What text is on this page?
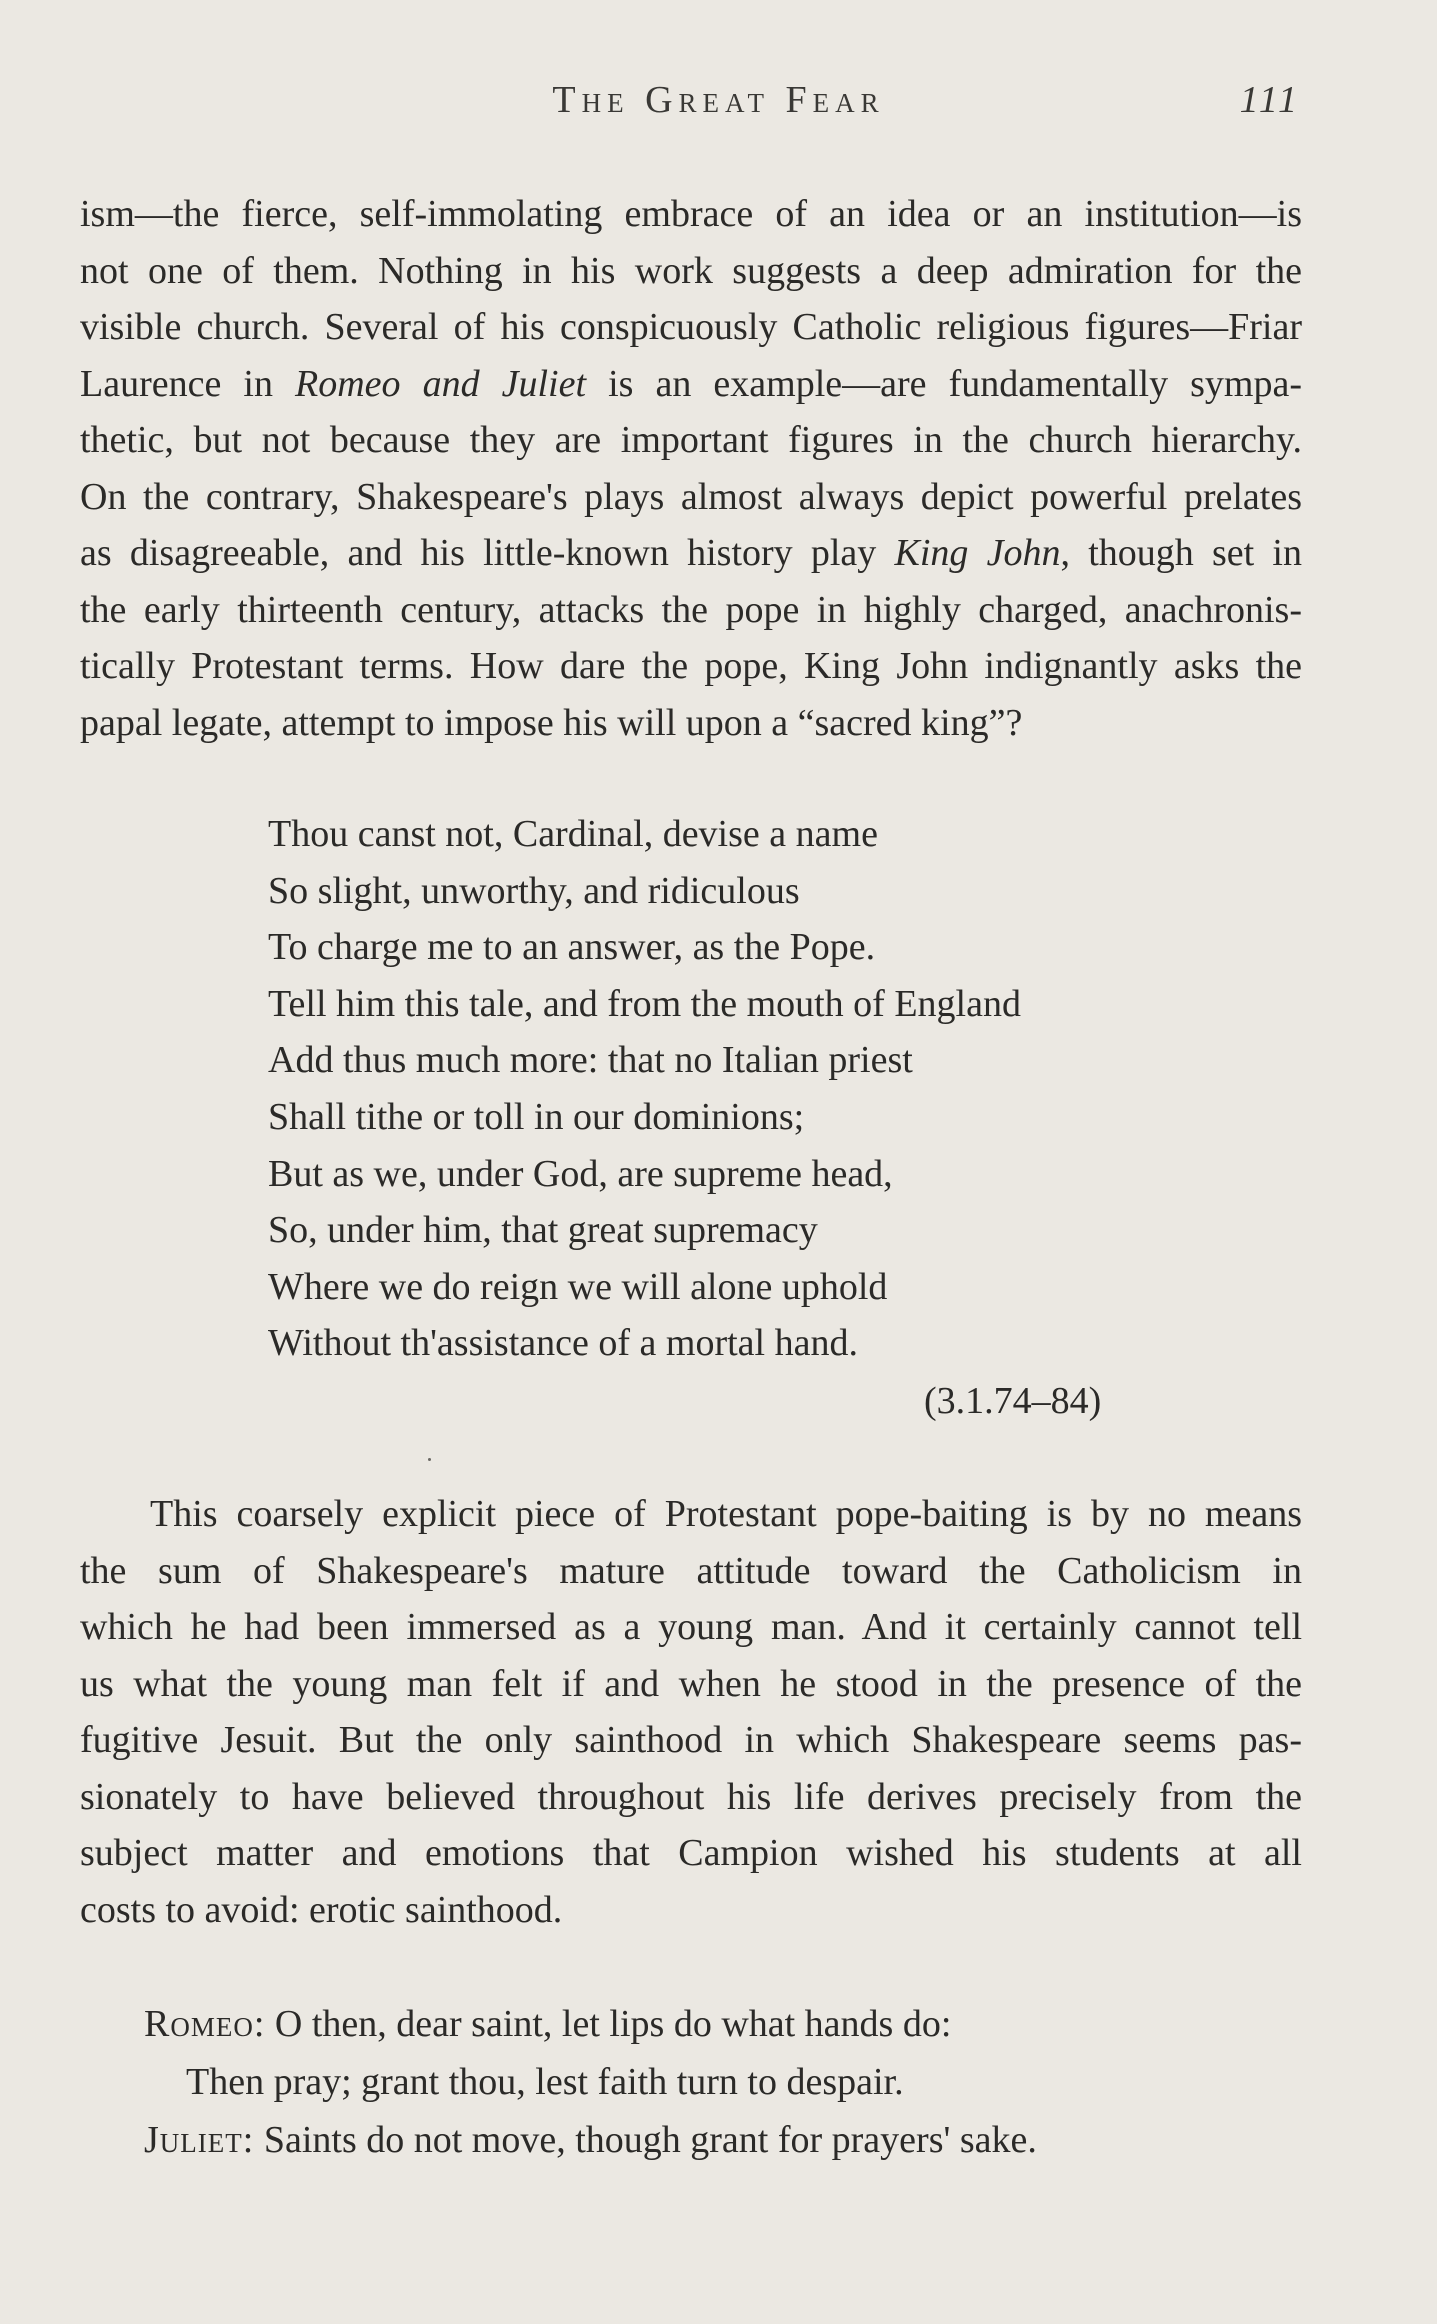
The Great Fear	111
ism—the fierce, self-immolating embrace of an idea or an institution—is
not one of them. Nothing in his work suggests a deep admiration for the
visible church. Several of his conspicuously Catholic religious figures—Friar
Laurence in Romeo and Juliet is an example—are fundamentally sympa-
thetic, but not because they are important figures in the church hierarchy.
On the contrary, Shakespeare's plays almost always depict powerful prelates
as disagreeable, and his little-known history play King John, though set in
the early thirteenth century, attacks the pope in highly charged, anachronis-
tically Protestant terms. How dare the pope, King John indignantly asks the
papal legate, attempt to impose his will upon a “sacred king”?
Thou canst not, Cardinal, devise a name
So slight, unworthy, and ridiculous
To charge me to an answer, as the Pope.
Tell him this tale, and from the mouth of England
Add thus much more: that no Italian priest
Shall tithe or toll in our dominions;
But as we, under God, are supreme head,
So, under him, that great supremacy
Where we do reign we will alone uphold
Without th'assistance of a mortal hand.
(3.1.74–84)
This coarsely explicit piece of Protestant pope-baiting is by no means
the sum of Shakespeare's mature attitude toward the Catholicism in
which he had been immersed as a young man. And it certainly cannot tell
us what the young man felt if and when he stood in the presence of the
fugitive Jesuit. But the only sainthood in which Shakespeare seems pas-
sionately to have believed throughout his life derives precisely from the
subject matter and emotions that Campion wished his students at all
costs to avoid: erotic sainthood.
Romeo: O then, dear saint, let lips do what hands do:
Then pray; grant thou, lest faith turn to despair.
Juliet: Saints do not move, though grant for prayers' sake.
